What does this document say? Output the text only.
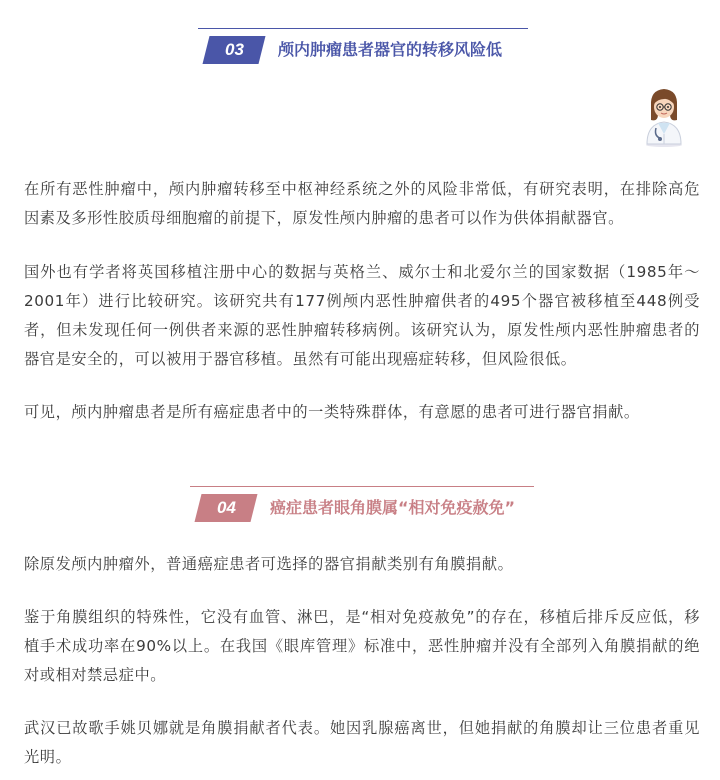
03 颅内肿瘤患者器官的转移风险低

在所有恶性肿瘤中，颅内肿瘤转移至中枢神经系统之外的风险非常低，有研究表明，在排除高危因素及多形性胶质母细胞瘤的前提下，原发性颅内肿瘤的患者可以作为供体捐献器官。

国外也有学者将英国移植注册中心的数据与英格兰、威尔士和北爱尔兰的国家数据（1985年～2001年）进行比较研究。该研究共有177例颅内恶性肿瘤供者的495个器官被移植至448例受者，但未发现任何一例供者来源的恶性肿瘤转移病例。该研究认为，原发性颅内恶性肿瘤患者的器官是安全的，可以被用于器官移植。虽然有可能出现癌症转移，但风险很低。

可见，颅内肿瘤患者是所有癌症患者中的一类特殊群体，有意愿的患者可进行器官捐献。

04 癌症患者眼角膜属“相对免疫赦免”

除原发颅内肿瘤外，普通癌症患者可选择的器官捐献类别有角膜捐献。

鉴于角膜组织的特殊性，它没有血管、淋巴，是“相对免疫赦免”的存在，移植后排斥反应低，移植手术成功率在90%以上。在我国《眼库管理》标准中，恶性肿瘤并没有全部列入角膜捐献的绝对或相对禁忌症中。

武汉已故歌手姚贝娜就是角膜捐献者代表。她因乳腺癌离世，但她捐献的角膜却让三位患者重见光明。
